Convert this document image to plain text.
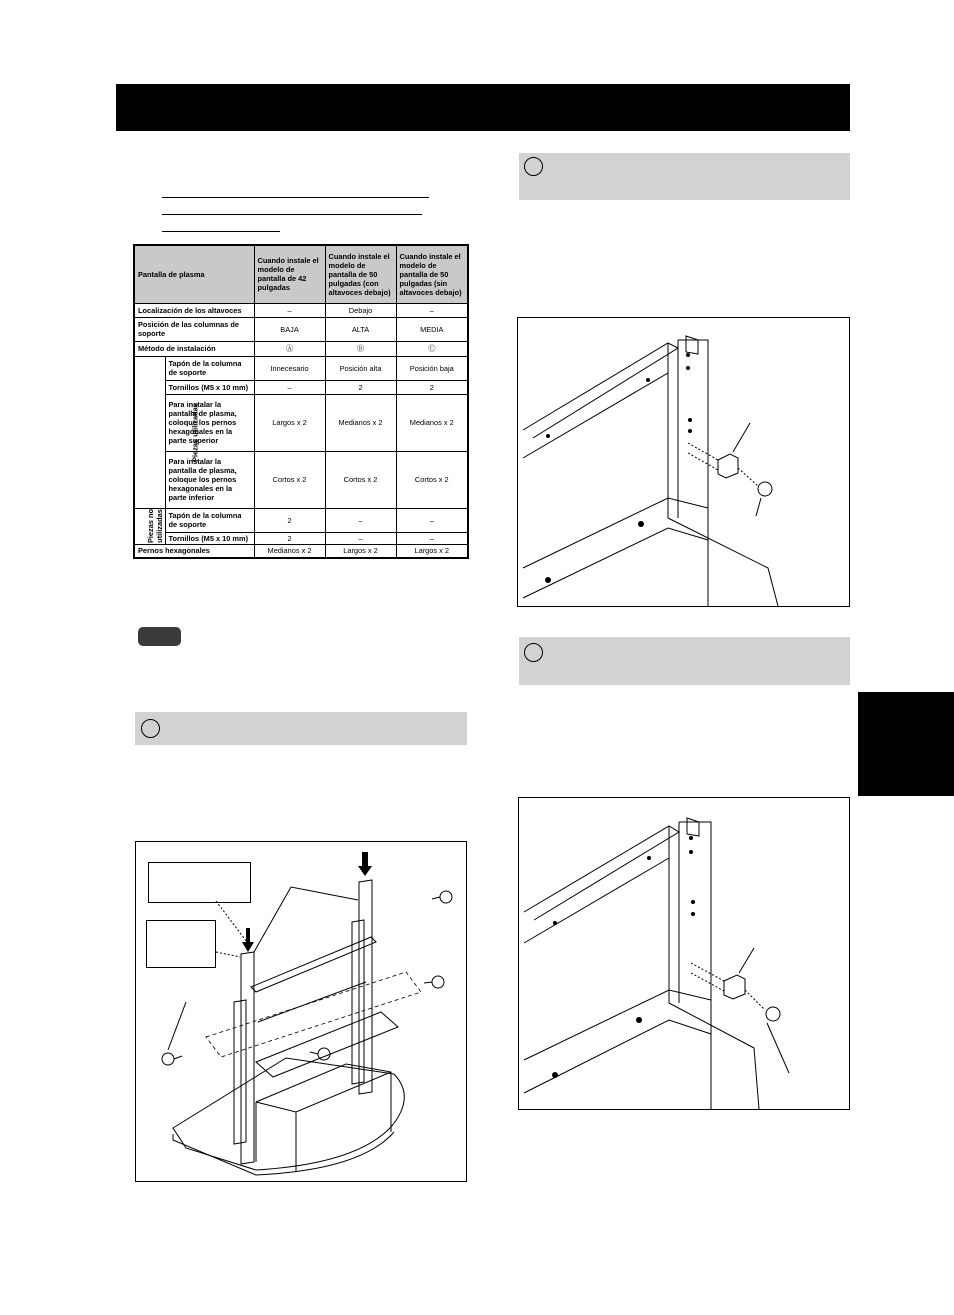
Pantalla de plasma		Cuando instale el modelo de pantalla de 42 pulgadas	Cuando instale el modelo de pantalla de 50 pulgadas (con altavoces debajo)	Cuando instale el modelo de pantalla de 50 pulgadas (sin altavoces debajo)
Localización de los altavoces		–	Debajo	–
Posición de las columnas de soporte		BAJA	ALTA	MEDIA
Método de instalación		Ⓐ	Ⓑ	Ⓒ
Piezas utilizadas	Tapón de la columna de soporte	Innecesario	Posición alta	Posición baja
	Tornillos (M5 x 10 mm)	–	2	2
	Para instalar la pantalla de plasma, coloque los pernos hexagonales en la parte superior	Largos x 2	Medianos x 2	Medianos x 2
	Para instalar la pantalla de plasma, coloque los pernos hexagonales en la parte inferior	Cortos x 2	Cortos x 2	Cortos x 2
Piezas no utilizadas	Tapón de la columna de soporte	2	–	–
	Tornillos (M5 x 10 mm)	2	–	–
Pernos hexagonales		Medianos x 2	Largos x 2	Largos x 2
